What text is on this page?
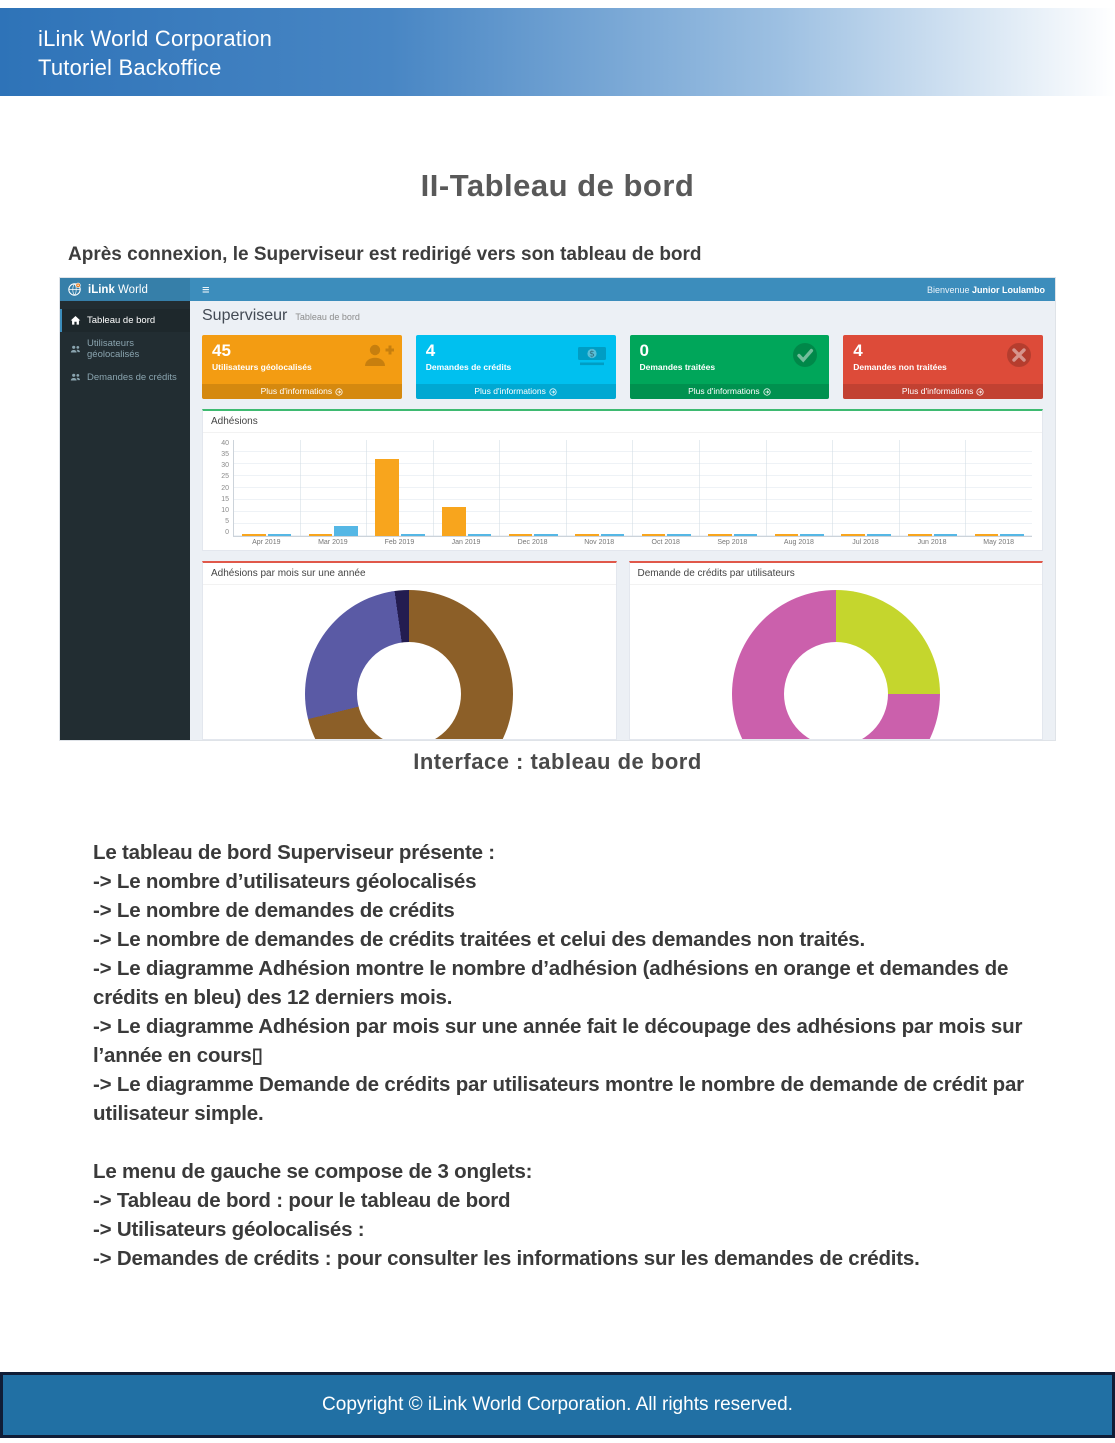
iLink World Corporation
Tutoriel Backoffice
II-Tableau de bord

Après connexion, le Superviseur est redirigé vers son tableau de bord

iLink World	≡	Bienvenue Junior Loulambo
Tableau de bord
Utilisateurs géolocalisés
Demandes de crédits
Superviseur Tableau de bord
45
Utilisateurs géolocalisés
Plus d'informations
4
Demandes de crédits
$
Plus d'informations
0
Demandes traitées
Plus d'informations
4
Demandes non traitées
Plus d'informations
Adhésions
40
35
30
25
20
15
10
5
0
Apr 2019	Mar 2019	Feb 2019	Jan 2019	Dec 2018	Nov 2018	Oct 2018	Sep 2018	Aug 2018	Jul 2018	Jun 2018	May 2018
Adhésions par mois sur une année	Demande de crédits par utilisateurs
Interface : tableau de bord
Le tableau de bord Superviseur présente :
-> Le nombre d’utilisateurs géolocalisés
-> Le nombre de demandes de crédits
-> Le nombre de demandes de crédits traitées et celui des demandes non traités.
-> Le diagramme Adhésion montre le nombre d’adhésion (adhésions en orange et demandes de crédits en bleu) des 12 derniers mois.
-> Le diagramme Adhésion par mois sur une année fait le découpage des adhésions par mois sur l’année en cours▯
-> Le diagramme Demande de crédits par utilisateurs montre le nombre de demande de crédit par utilisateur simple.

Le menu de gauche se compose de 3 onglets:
-> Tableau de bord : pour le tableau de bord
-> Utilisateurs géolocalisés :
-> Demandes de crédits : pour consulter les informations sur les demandes de crédits.
Copyright © iLink World Corporation. All rights reserved.
